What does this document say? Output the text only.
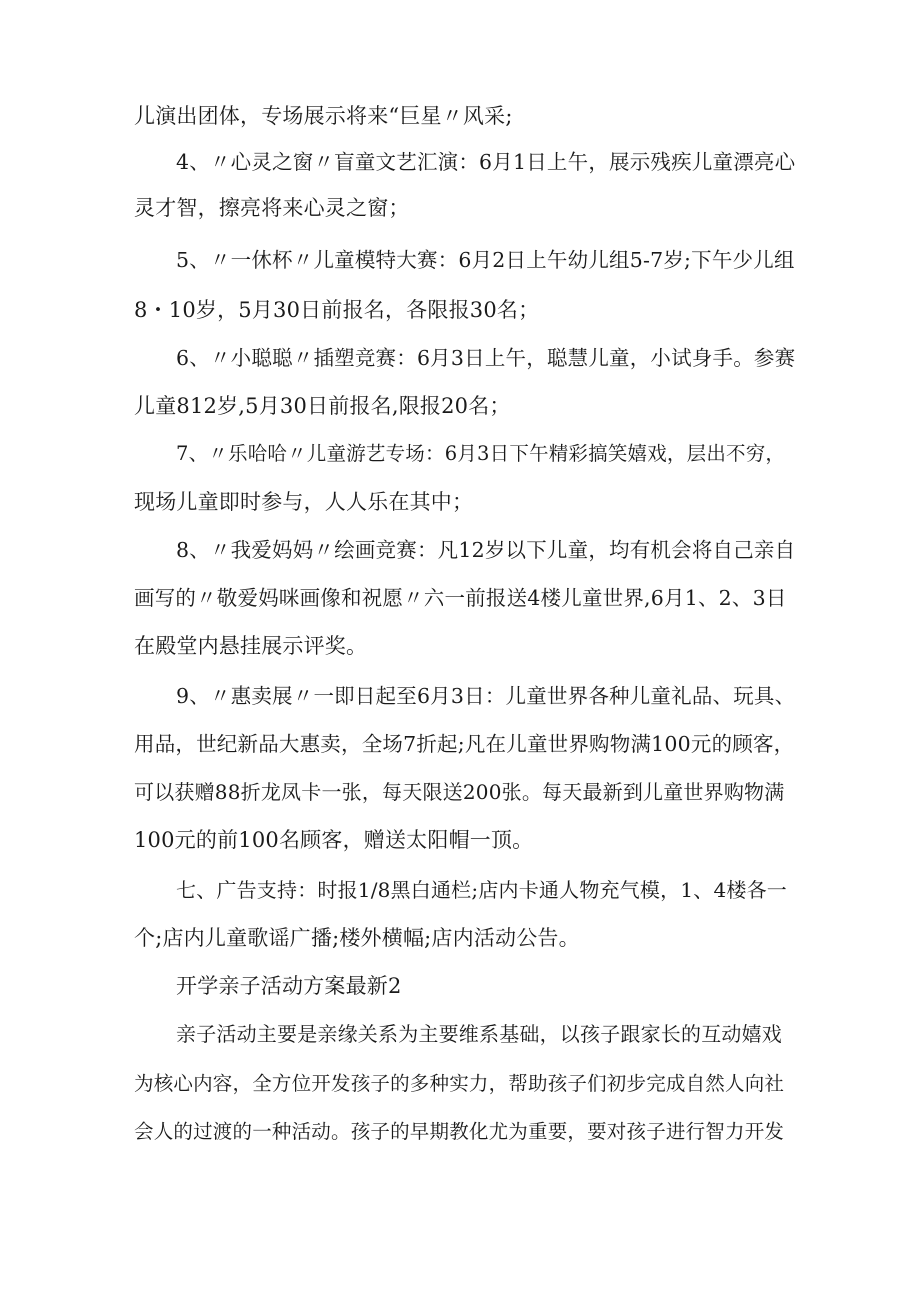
儿演出团体，专场展示将来“巨星〃风采;
4、〃心灵之窗〃盲童文艺汇演：6月1日上午，展示残疾儿童漂亮心
灵才智，擦亮将来心灵之窗；
5、〃一休杯〃儿童模特大赛：6月2日上午幼儿组5-7岁;下午少儿组
8・10岁，5月30日前报名，各限报30名；
6、〃小聪聪〃插塑竞赛：6月3日上午，聪慧儿童，小试身手。参赛
儿童812岁,5月30日前报名,限报20名；
7、〃乐哈哈〃儿童游艺专场：6月3日下午精彩搞笑嬉戏，层出不穷，
现场儿童即时参与，人人乐在其中；
8、〃我爱妈妈〃绘画竞赛：凡12岁以下儿童，均有机会将自己亲自
画写的〃敬爱妈咪画像和祝愿〃六一前报送4楼儿童世界,6月1、2、3日
在殿堂内悬挂展示评奖。
9、〃惠卖展〃一即日起至6月3日：儿童世界各种儿童礼品、玩具、
用品，世纪新品大惠卖，全场7折起;凡在儿童世界购物满100元的顾客，
可以获赠88折龙凤卡一张，每天限送200张。每天最新到儿童世界购物满
100元的前100名顾客，赠送太阳帽一顶。
七、广告支持：时报1/8黑白通栏;店内卡通人物充气模，1、4楼各一
个;店内儿童歌谣广播;楼外横幅;店内活动公告。
开学亲子活动方案最新2
亲子活动主要是亲缘关系为主要维系基础，以孩子跟家长的互动嬉戏
为核心内容，全方位开发孩子的多种实力，帮助孩子们初步完成自然人向社
会人的过渡的一种活动。孩子的早期教化尤为重要，要对孩子进行智力开发
